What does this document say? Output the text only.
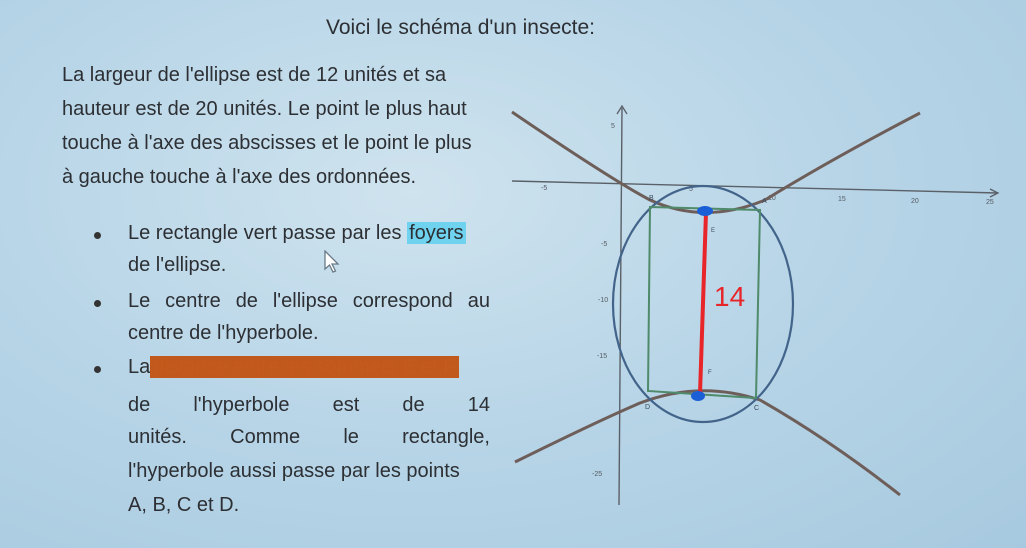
Voici le schéma d'un insecte:
La largeur de l'ellipse est de 12 unités et sa
hauteur est de 20 unités. Le point le plus haut
touche à l'axe des abscisses et le point le plus
à gauche touche à l'axe des ordonnées.
Le rectangle vert passe par les foyers
de l'ellipse.
Le centre de l'ellipse correspond au
centre de l'hyperbole.
La distance entre les sommets E et F
de l'hyperbole est de 14
unités. Comme le rectangle,
l'hyperbole aussi passe par les points
A, B, C et D.
-5	5
10	15	20	25
5
-5
-10
-15
-25
14
A
B
C
D
E
F
